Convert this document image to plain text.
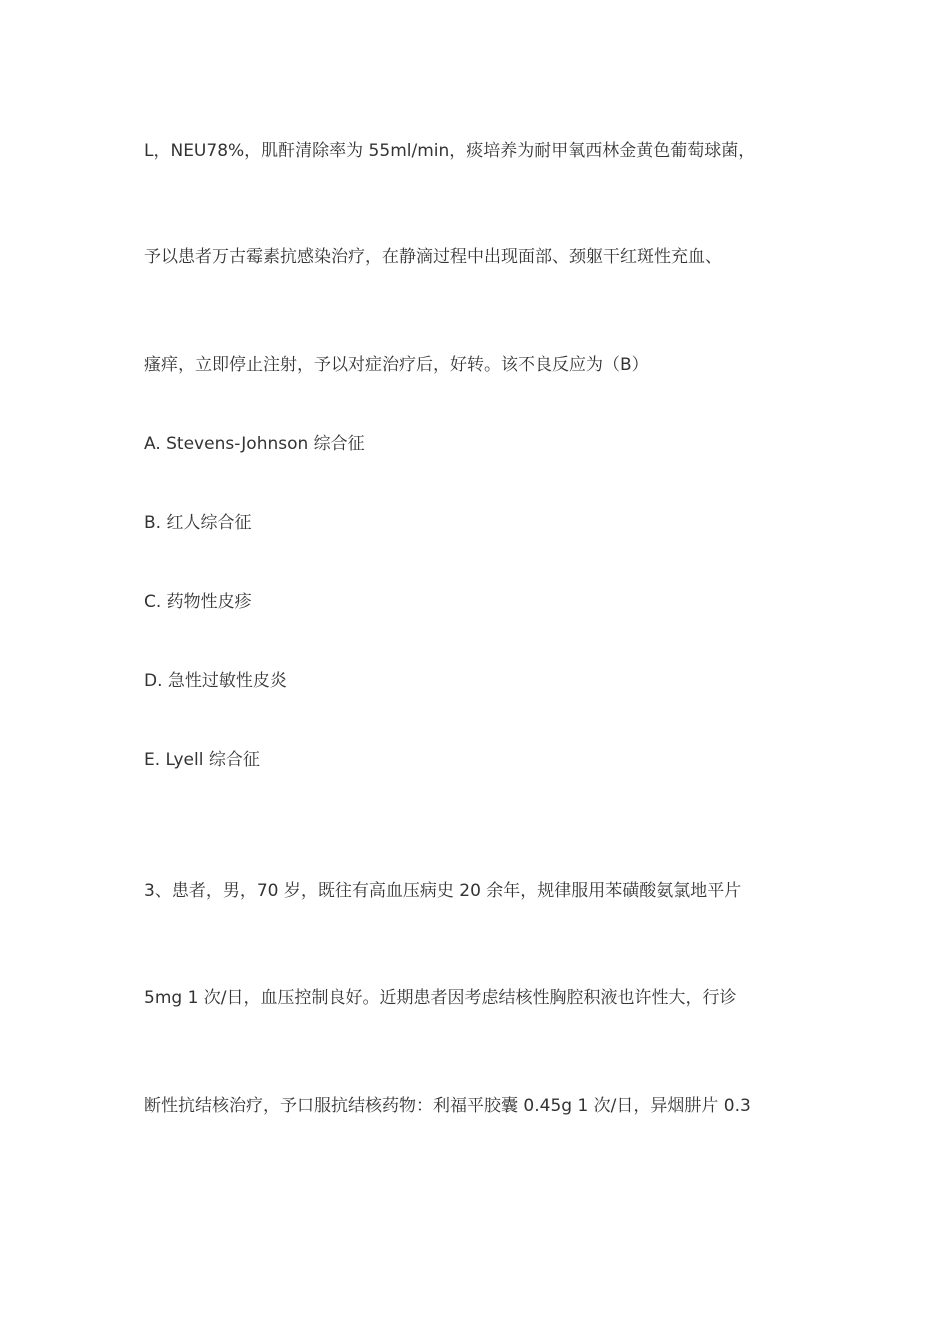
L，NEU78%，肌酐清除率为 55ml/min，痰培养为耐甲氧西林金黄色葡萄球菌，
予以患者万古霉素抗感染治疗，在静滴过程中出现面部、颈躯干红斑性充血、
瘙痒，立即停止注射，予以对症治疗后，好转。该不良反应为（B）
A. Stevens-Johnson 综合征
B. 红人综合征
C. 药物性皮疹
D. 急性过敏性皮炎
E. Lyell 综合征
3、患者，男，70 岁，既往有高血压病史 20 余年，规律服用苯磺酸氨氯地平片
5mg 1 次/日，血压控制良好。近期患者因考虑结核性胸腔积液也许性大，行诊
断性抗结核治疗，予口服抗结核药物：利福平胶囊 0.45g 1 次/日，异烟肼片 0.3
